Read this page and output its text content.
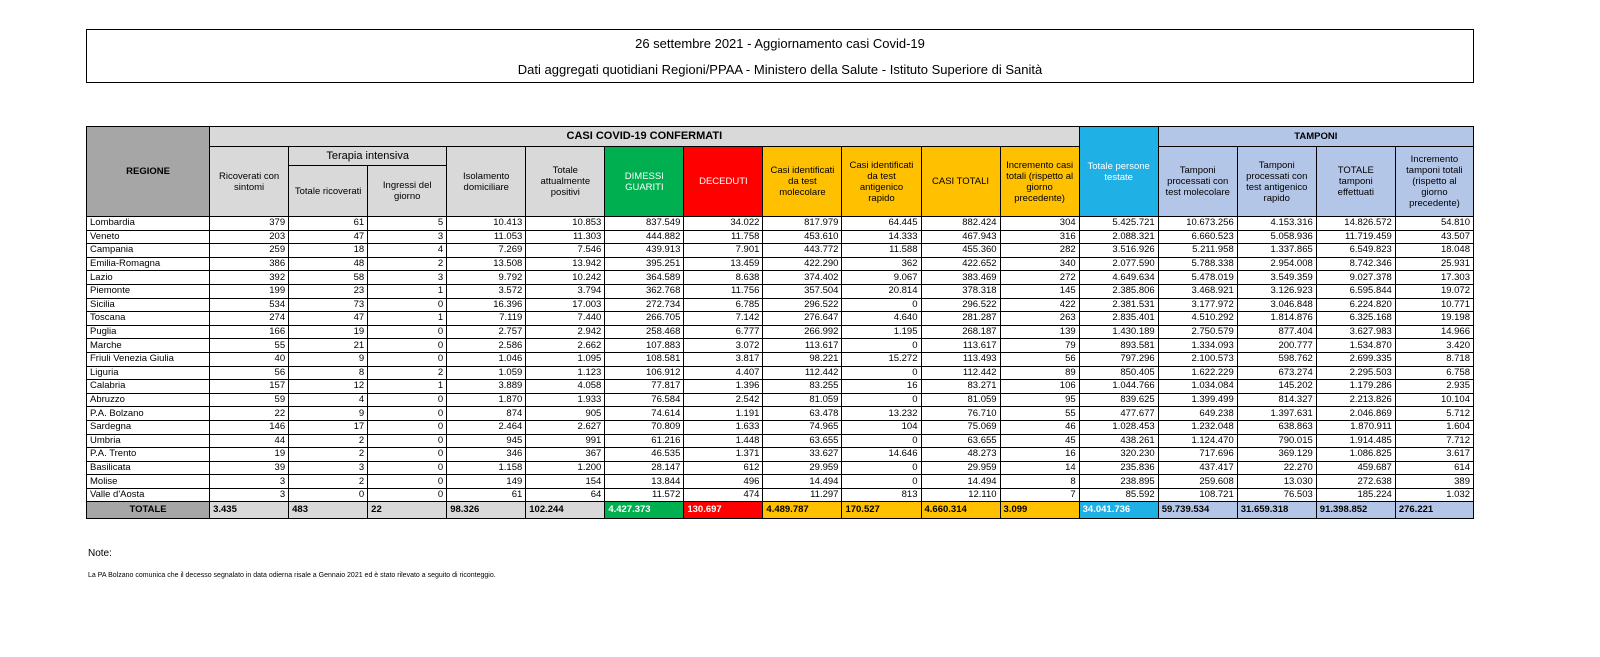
26 settembre 2021 - Aggiornamento casi Covid-19
Dati aggregati quotidiani Regioni/PPAA - Ministero della Salute - Istituto Superiore di Sanità
REGIONE	CASI COVID-19 CONFERMATI											Totale persone testate	TAMPONI			
	Ricoverati con sintomi	Terapia intensiva		Isolamento domiciliare	Totale attualmente positivi	DIMESSI GUARITI	DECEDUTI	Casi identificati da test molecolare	Casi identificati da test antigenico rapido	CASI TOTALI	Incremento casi totali (rispetto al giorno precedente)		Tamponi processati con test molecolare	Tamponi processati con test antigenico rapido	TOTALE tamponi effettuati	Incremento tamponi totali (rispetto al giorno precedente)
		Totale ricoverati	Ingressi del giorno													
Lombardia	379	61	5	10.413	10.853	837.549	34.022	817.979	64.445	882.424	304	5.425.721	10.673.256	4.153.316	14.826.572	54.810
Veneto	203	47	3	11.053	11.303	444.882	11.758	453.610	14.333	467.943	316	2.088.321	6.660.523	5.058.936	11.719.459	43.507
Campania	259	18	4	7.269	7.546	439.913	7.901	443.772	11.588	455.360	282	3.516.926	5.211.958	1.337.865	6.549.823	18.048
Emilia-Romagna	386	48	2	13.508	13.942	395.251	13.459	422.290	362	422.652	340	2.077.590	5.788.338	2.954.008	8.742.346	25.931
Lazio	392	58	3	9.792	10.242	364.589	8.638	374.402	9.067	383.469	272	4.649.634	5.478.019	3.549.359	9.027.378	17.303
Piemonte	199	23	1	3.572	3.794	362.768	11.756	357.504	20.814	378.318	145	2.385.806	3.468.921	3.126.923	6.595.844	19.072
Sicilia	534	73	0	16.396	17.003	272.734	6.785	296.522	0	296.522	422	2.381.531	3.177.972	3.046.848	6.224.820	10.771
Toscana	274	47	1	7.119	7.440	266.705	7.142	276.647	4.640	281.287	263	2.835.401	4.510.292	1.814.876	6.325.168	19.198
Puglia	166	19	0	2.757	2.942	258.468	6.777	266.992	1.195	268.187	139	1.430.189	2.750.579	877.404	3.627.983	14.966
Marche	55	21	0	2.586	2.662	107.883	3.072	113.617	0	113.617	79	893.581	1.334.093	200.777	1.534.870	3.420
Friuli Venezia Giulia	40	9	0	1.046	1.095	108.581	3.817	98.221	15.272	113.493	56	797.296	2.100.573	598.762	2.699.335	8.718
Liguria	56	8	2	1.059	1.123	106.912	4.407	112.442	0	112.442	89	850.405	1.622.229	673.274	2.295.503	6.758
Calabria	157	12	1	3.889	4.058	77.817	1.396	83.255	16	83.271	106	1.044.766	1.034.084	145.202	1.179.286	2.935
Abruzzo	59	4	0	1.870	1.933	76.584	2.542	81.059	0	81.059	95	839.625	1.399.499	814.327	2.213.826	10.104
P.A. Bolzano	22	9	0	874	905	74.614	1.191	63.478	13.232	76.710	55	477.677	649.238	1.397.631	2.046.869	5.712
Sardegna	146	17	0	2.464	2.627	70.809	1.633	74.965	104	75.069	46	1.028.453	1.232.048	638.863	1.870.911	1.604
Umbria	44	2	0	945	991	61.216	1.448	63.655	0	63.655	45	438.261	1.124.470	790.015	1.914.485	7.712
P.A. Trento	19	2	0	346	367	46.535	1.371	33.627	14.646	48.273	16	320.230	717.696	369.129	1.086.825	3.617
Basilicata	39	3	0	1.158	1.200	28.147	612	29.959	0	29.959	14	235.836	437.417	22.270	459.687	614
Molise	3	2	0	149	154	13.844	496	14.494	0	14.494	8	238.895	259.608	13.030	272.638	389
Valle d'Aosta	3	0	0	61	64	11.572	474	11.297	813	12.110	7	85.592	108.721	76.503	185.224	1.032
TOTALE	3.435	483	22	98.326	102.244	4.427.373	130.697	4.489.787	170.527	4.660.314	3.099	34.041.736	59.739.534	31.659.318	91.398.852	276.221
Note:
La PA Bolzano comunica che il decesso segnalato in data odierna risale a Gennaio 2021 ed è stato rilevato a seguito di riconteggio.
